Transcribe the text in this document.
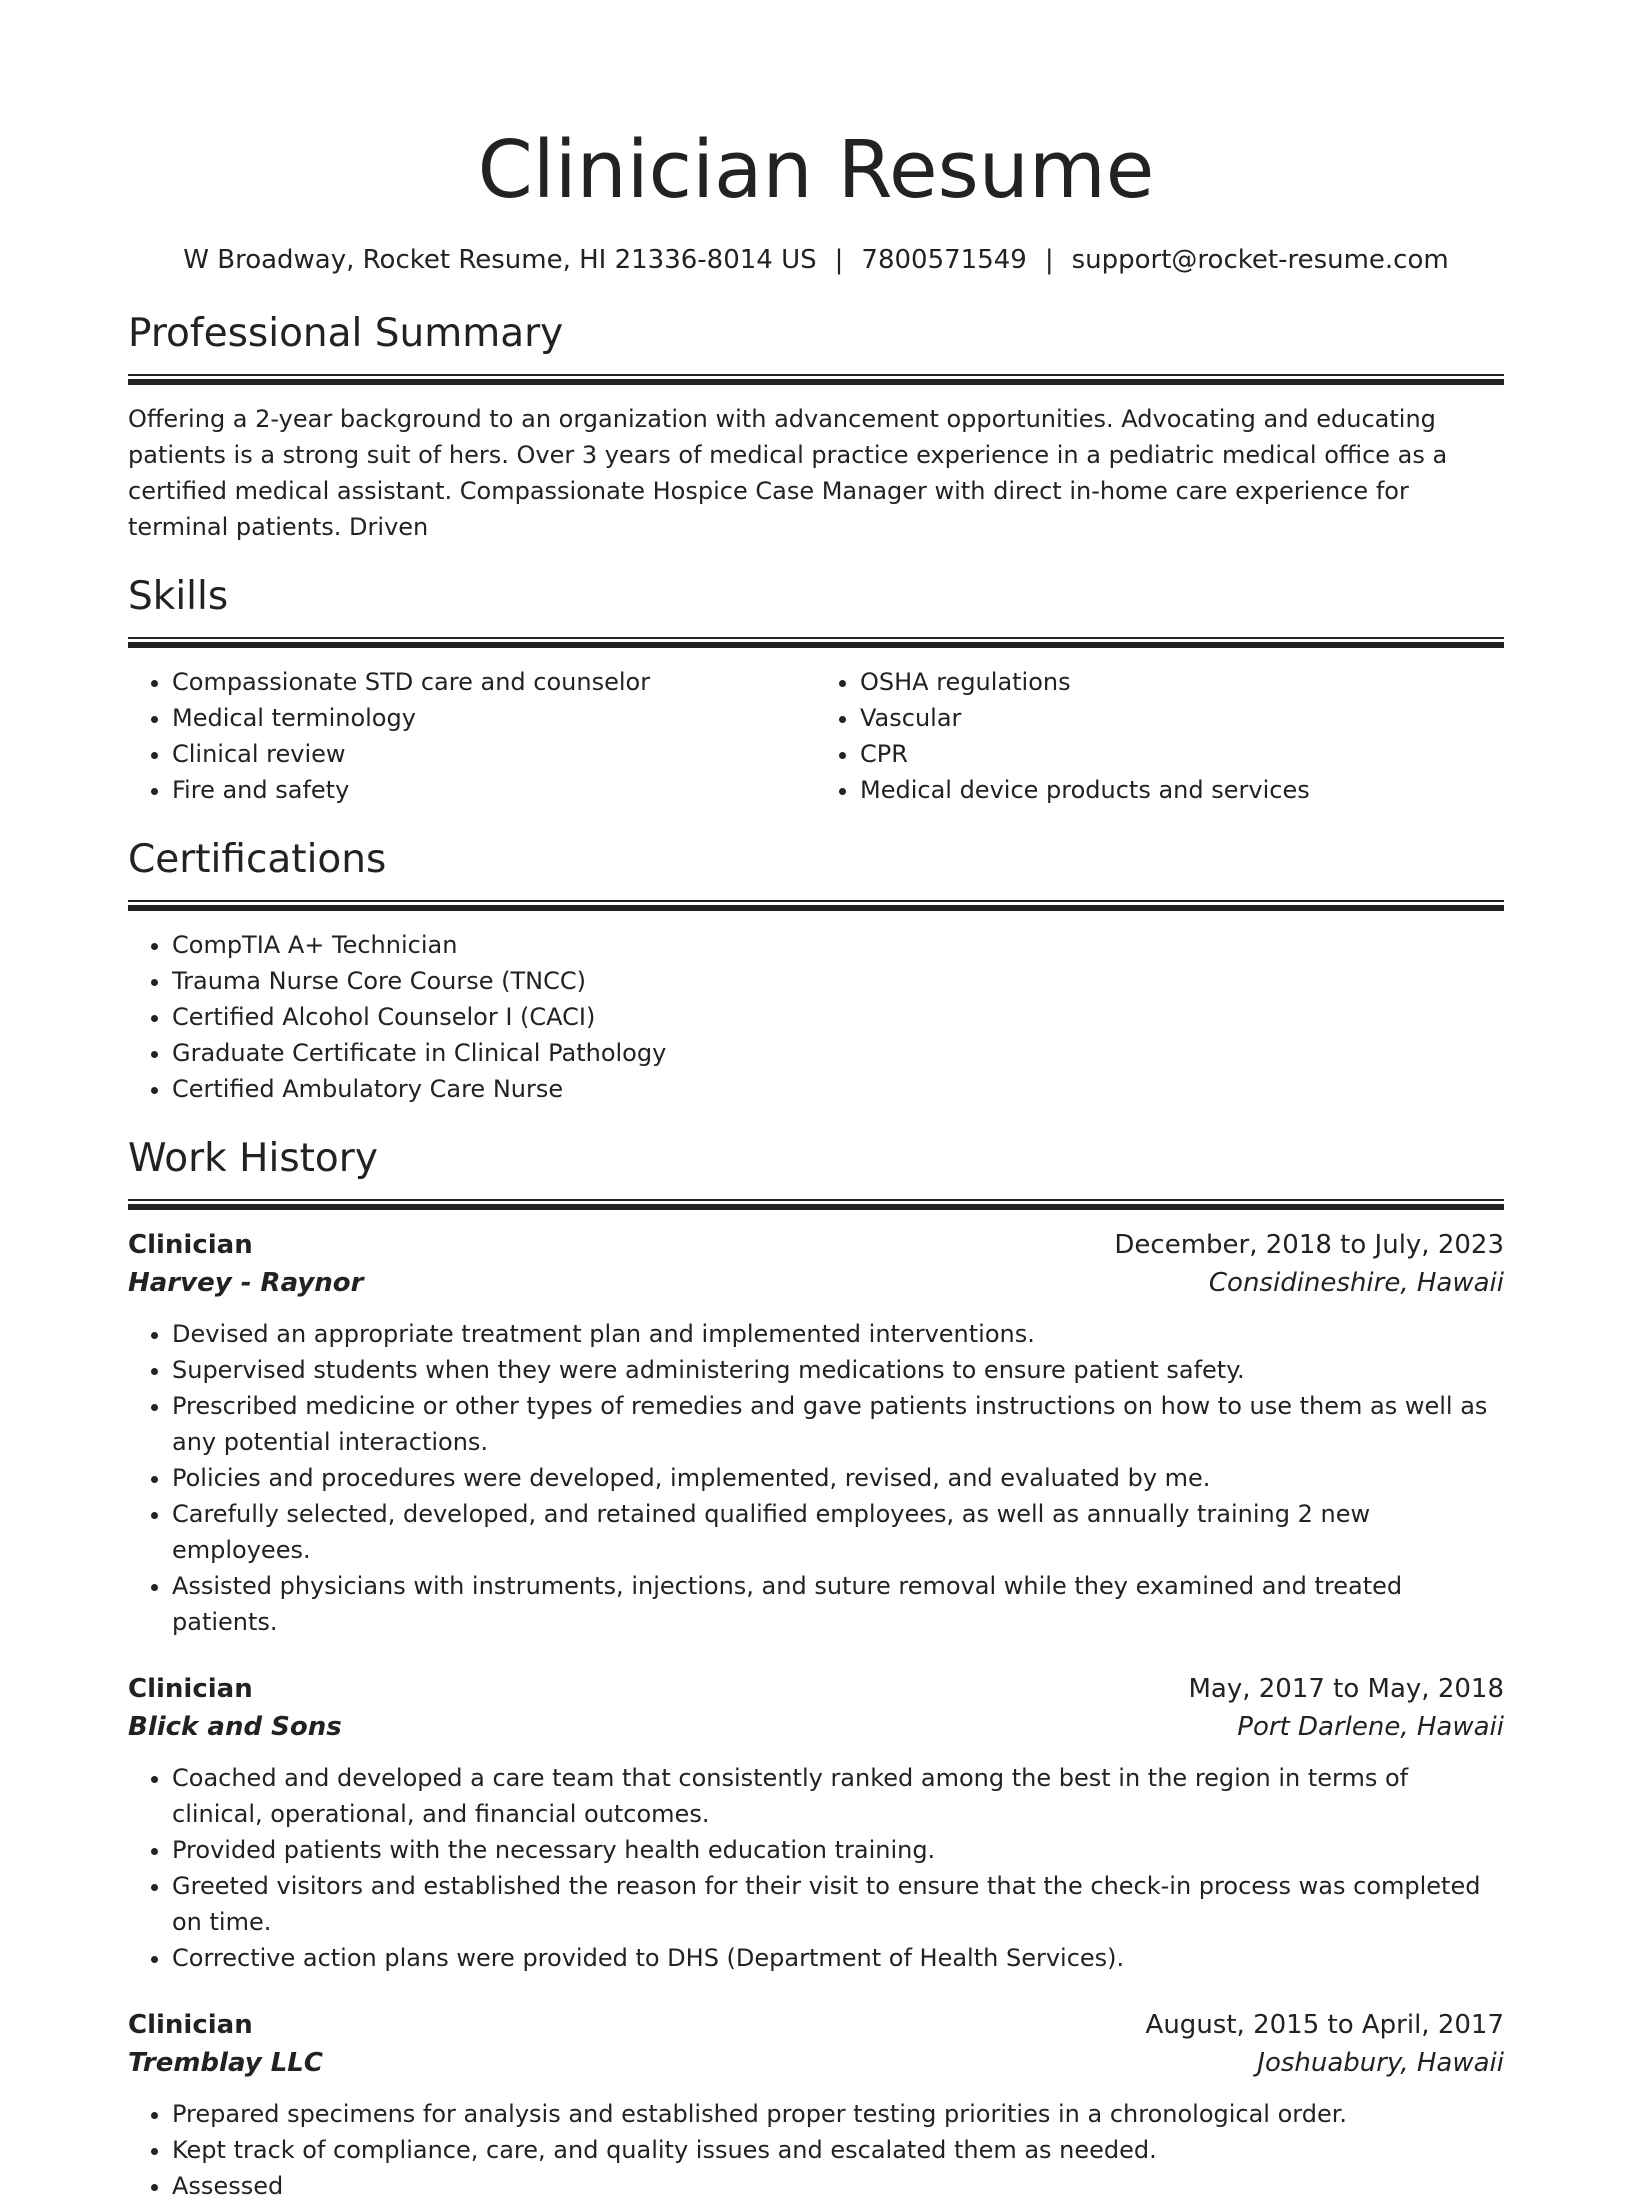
Clinician Resume
W Broadway, Rocket Resume, HI 21336-8014 US | 7800571549 | support@rocket-resume.com
Professional Summary

Offering a 2-year background to an organization with advancement opportunities. Advocating and educating patients is a strong suit of hers. Over 3 years of medical practice experience in a pediatric medical office as a certified medical assistant. Compassionate Hospice Case Manager with direct in-home care experience for terminal patients. Driven

Skills
• Compassionate STD care and counselor
• Medical terminology
• Clinical review
• Fire and safety
• OSHA regulations
• Vascular
• CPR
• Medical device products and services
Certifications
• CompTIA A+ Technician
• Trauma Nurse Core Course (TNCC)
• Certified Alcohol Counselor I (CACI)
• Graduate Certificate in Clinical Pathology
• Certified Ambulatory Care Nurse
Work History
Clinician	December, 2018 to July, 2023
Harvey - Raynor	Considineshire, Hawaii
• Devised an appropriate treatment plan and implemented interventions.
• Supervised students when they were administering medications to ensure patient safety.
• Prescribed medicine or other types of remedies and gave patients instructions on how to use them as well as any potential interactions.
• Policies and procedures were developed, implemented, revised, and evaluated by me.
• Carefully selected, developed, and retained qualified employees, as well as annually training 2 new employees.
• Assisted physicians with instruments, injections, and suture removal while they examined and treated patients.
Clinician	May, 2017 to May, 2018
Blick and Sons	Port Darlene, Hawaii
• Coached and developed a care team that consistently ranked among the best in the region in terms of clinical, operational, and financial outcomes.
• Provided patients with the necessary health education training.
• Greeted visitors and established the reason for their visit to ensure that the check-in process was completed on time.
• Corrective action plans were provided to DHS (Department of Health Services).
Clinician	August, 2015 to April, 2017
Tremblay LLC	Joshuabury, Hawaii
• Prepared specimens for analysis and established proper testing priorities in a chronological order.
• Kept track of compliance, care, and quality issues and escalated them as needed.
• Assessed
